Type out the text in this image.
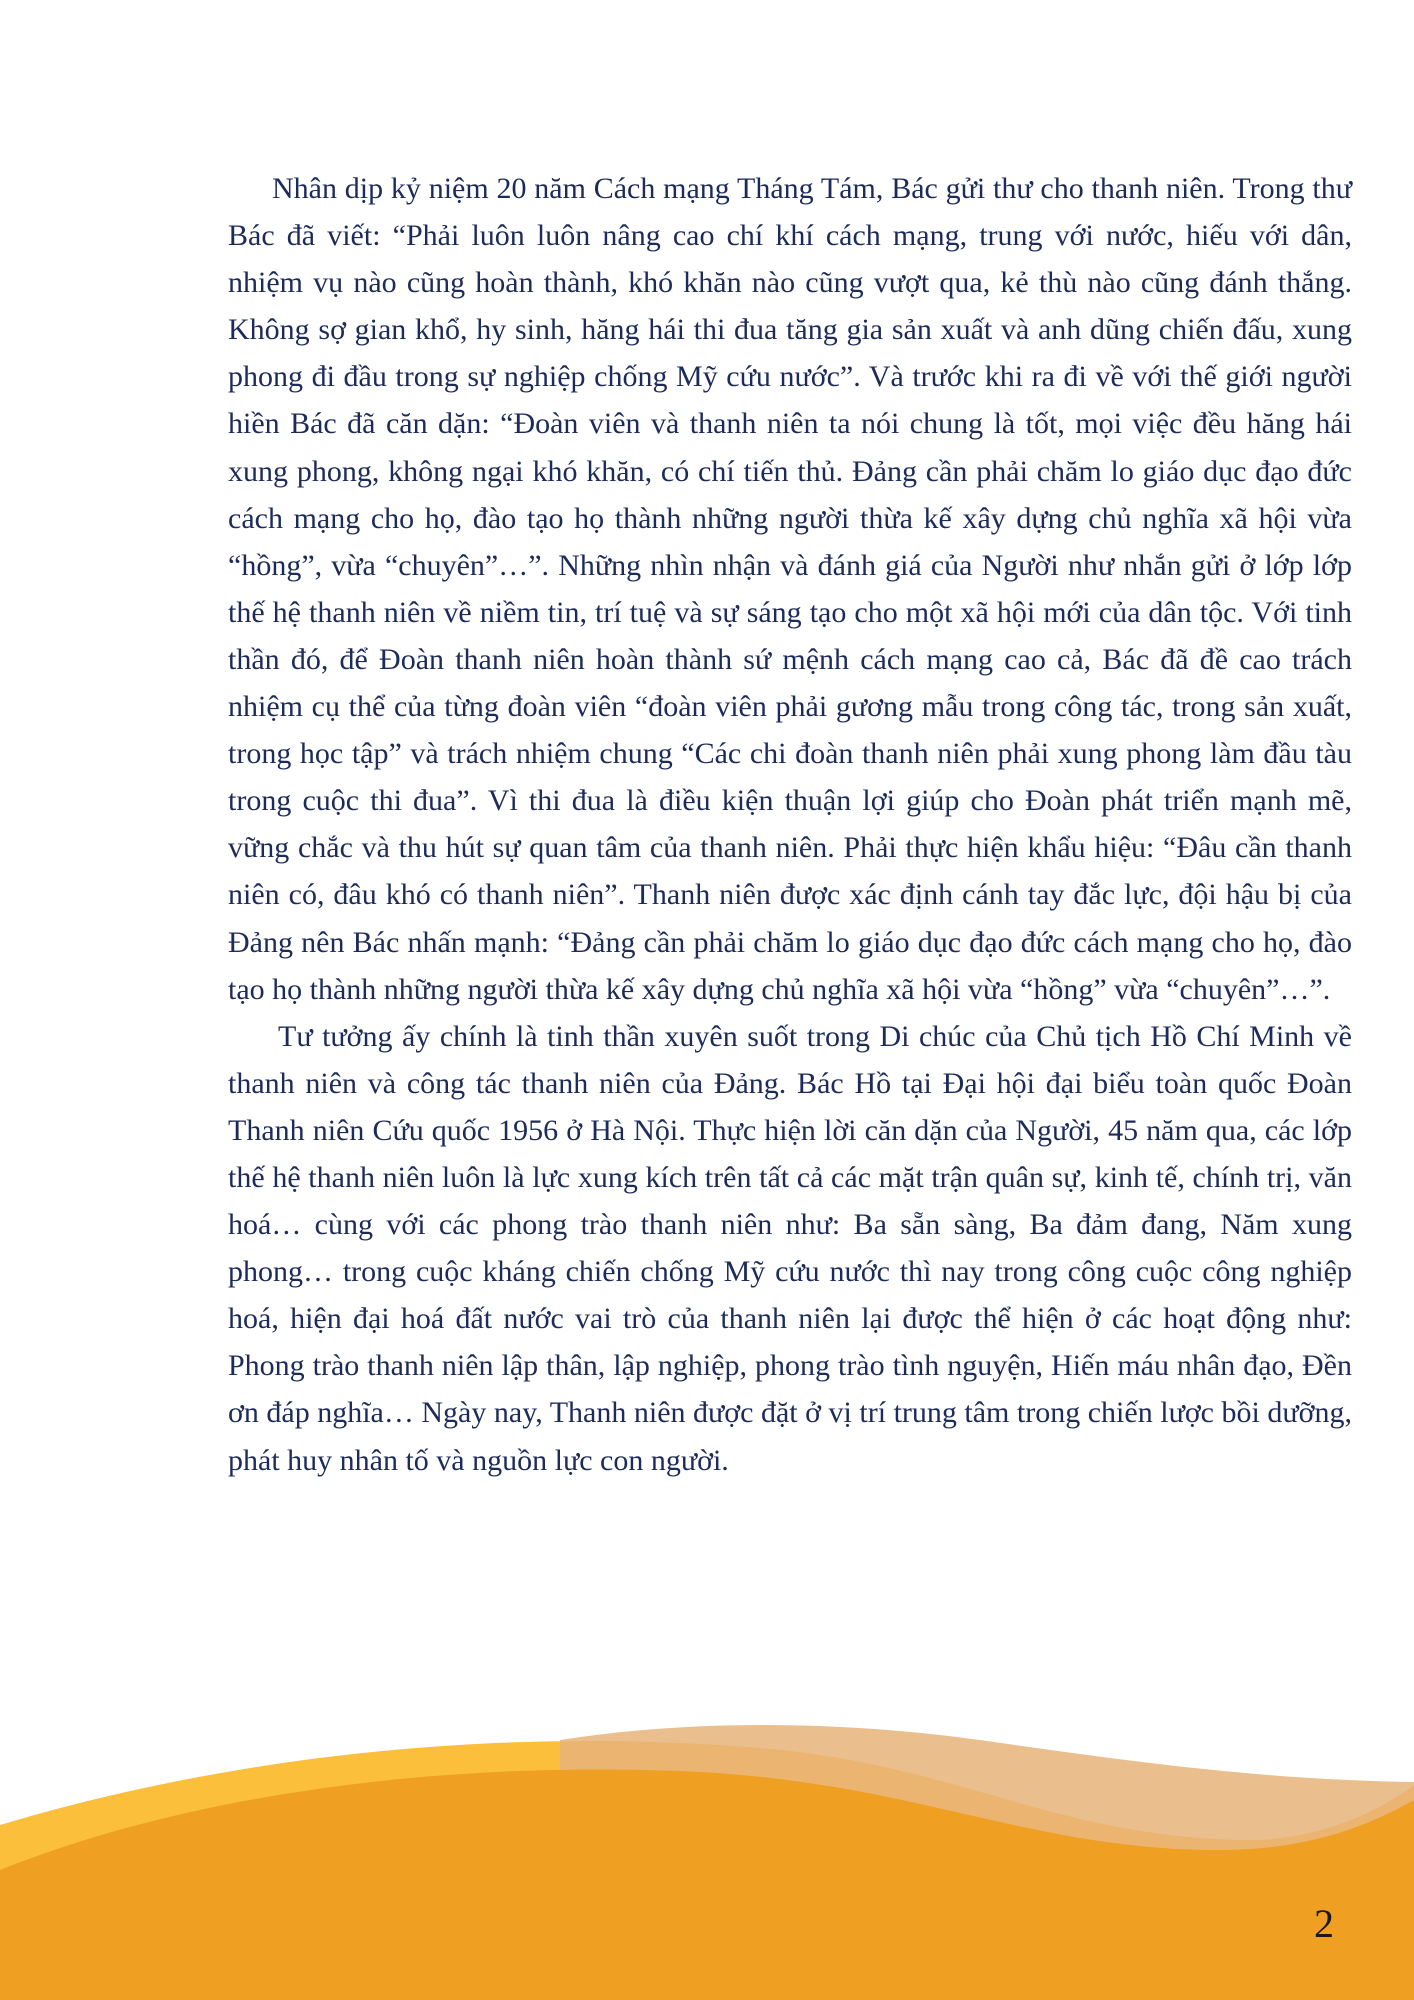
Nhân dịp kỷ niệm 20 năm Cách mạng Tháng Tám, Bác gửi thư cho thanh niên. Trong thư Bác đã viết: “Phải luôn luôn nâng cao chí khí cách mạng, trung với nước, hiếu với dân, nhiệm vụ nào cũng hoàn thành, khó khăn nào cũng vượt qua, kẻ thù nào cũng đánh thắng. Không sợ gian khổ, hy sinh, hăng hái thi đua tăng gia sản xuất và anh dũng chiến đấu, xung phong đi đầu trong sự nghiệp chống Mỹ cứu nước”. Và trước khi ra đi về với thế giới người hiền Bác đã căn dặn: “Đoàn viên và thanh niên ta nói chung là tốt, mọi việc đều hăng hái xung phong, không ngại khó khăn, có chí tiến thủ. Đảng cần phải chăm lo giáo dục đạo đức cách mạng cho họ, đào tạo họ thành những người thừa kế xây dựng chủ nghĩa xã hội vừa “hồng”, vừa “chuyên”…”. Những nhìn nhận và đánh giá của Người như nhắn gửi ở lớp lớp thế hệ thanh niên về niềm tin, trí tuệ và sự sáng tạo cho một xã hội mới của dân tộc. Với tinh thần đó, để Đoàn thanh niên hoàn thành sứ mệnh cách mạng cao cả, Bác đã đề cao trách nhiệm cụ thể của từng đoàn viên “đoàn viên phải gương mẫu trong công tác, trong sản xuất, trong học tập” và trách nhiệm chung “Các chi đoàn thanh niên phải xung phong làm đầu tàu trong cuộc thi đua”. Vì thi đua là điều kiện thuận lợi giúp cho Đoàn phát triển mạnh mẽ, vững chắc và thu hút sự quan tâm của thanh niên. Phải thực hiện khẩu hiệu: “Đâu cần thanh niên có, đâu khó có thanh niên”. Thanh niên được xác định cánh tay đắc lực, đội hậu bị của Đảng nên Bác nhấn mạnh: “Đảng cần phải chăm lo giáo dục đạo đức cách mạng cho họ, đào tạo họ thành những người thừa kế xây dựng chủ nghĩa xã hội vừa “hồng” vừa “chuyên”…”.

Tư tưởng ấy chính là tinh thần xuyên suốt trong Di chúc của Chủ tịch Hồ Chí Minh về thanh niên và công tác thanh niên của Đảng. Bác Hồ tại Đại hội đại biểu toàn quốc Đoàn Thanh niên Cứu quốc 1956 ở Hà Nội. Thực hiện lời căn dặn của Người, 45 năm qua, các lớp thế hệ thanh niên luôn là lực xung kích trên tất cả các mặt trận quân sự, kinh tế, chính trị, văn hoá… cùng với các phong trào thanh niên như: Ba sẵn sàng, Ba đảm đang, Năm xung phong… trong cuộc kháng chiến chống Mỹ cứu nước thì nay trong công cuộc công nghiệp hoá, hiện đại hoá đất nước vai trò của thanh niên lại được thể hiện ở các hoạt động như: Phong trào thanh niên lập thân, lập nghiệp, phong trào tình nguyện, Hiến máu nhân đạo, Đền ơn đáp nghĩa… Ngày nay, Thanh niên được đặt ở vị trí trung tâm trong chiến lược bồi dưỡng, phát huy nhân tố và nguồn lực con người.

2
